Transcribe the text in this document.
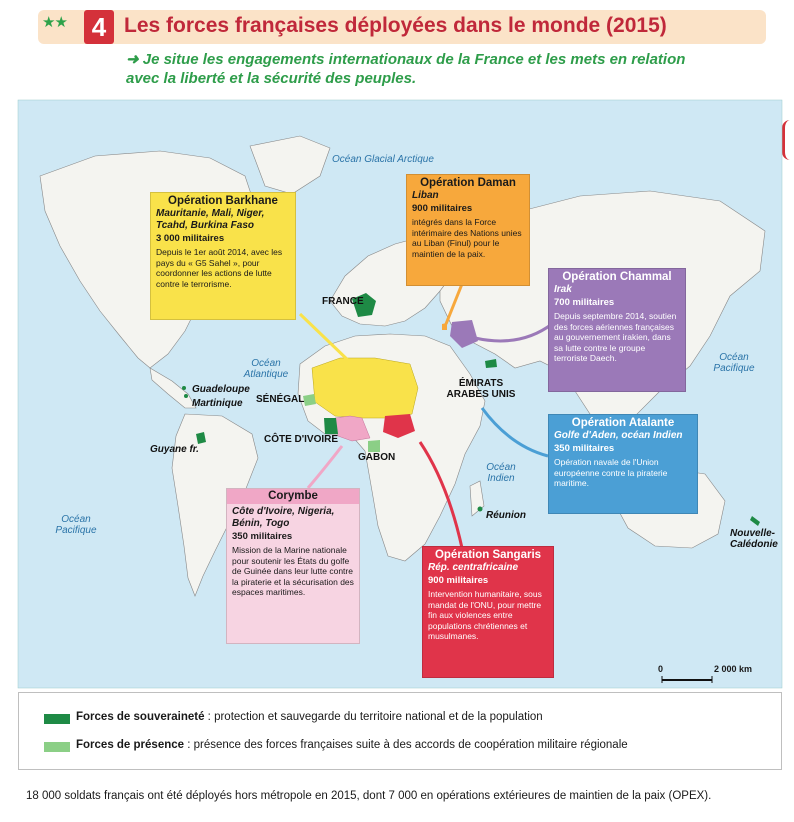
★★ 4 Les forces françaises déployées dans le monde (2015)
➜ Je situe les engagements internationaux de la France et les mets en relation avec la liberté et la sécurité des peuples.
Océan Glacial Arctique
Océan Atlantique
Océan Pacifique
Océan Indien
Océan Pacifique
FRANCE
Guadeloupe
Martinique
Guyane fr.
SÉNÉGAL
CÔTE D'IVOIRE
GABON
ÉMIRATS ARABES UNIS
Réunion
Nouvelle-Calédonie
0	2 000 km
Opération Barkhane
Mauritanie, Mali, Niger, Tcahd, Burkina Faso
3 000 militaires
Depuis le 1er août 2014, avec les pays du « G5 Sahel », pour coordonner les actions de lutte contre le terrorisme.
Opération Daman
Liban
900 militaires
intégrés dans la Force intérimaire des Nations unies au Liban (Finul) pour le maintien de la paix.
Opération Chammal
Irak
700 militaires
Depuis septembre 2014, soutien des forces aériennes françaises au gouvernement irakien, dans sa lutte contre le groupe terroriste Daech.
Opération Atalante
Golfe d'Aden, océan Indien
350 militaires
Opération navale de l'Union européenne contre la piraterie maritime.
Corymbe
Côte d'Ivoire, Nigeria, Bénin, Togo
350 militaires
Mission de la Marine nationale pour soutenir les États du golfe de Guinée dans leur lutte contre la piraterie et la sécurisation des espaces maritimes.
Opération Sangaris
Rép. centrafricaine
900 militaires
Intervention humanitaire, sous mandat de l'ONU, pour mettre fin aux violences entre populations chrétiennes et musulmanes.
Forces de souveraineté : protection et sauvegarde du territoire national et de la population
Forces de présence : présence des forces françaises suite à des accords de coopération militaire régionale
18 000 soldats français ont été déployés hors métropole en 2015, dont 7 000 en opérations extérieures de maintien de la paix (OPEX).
